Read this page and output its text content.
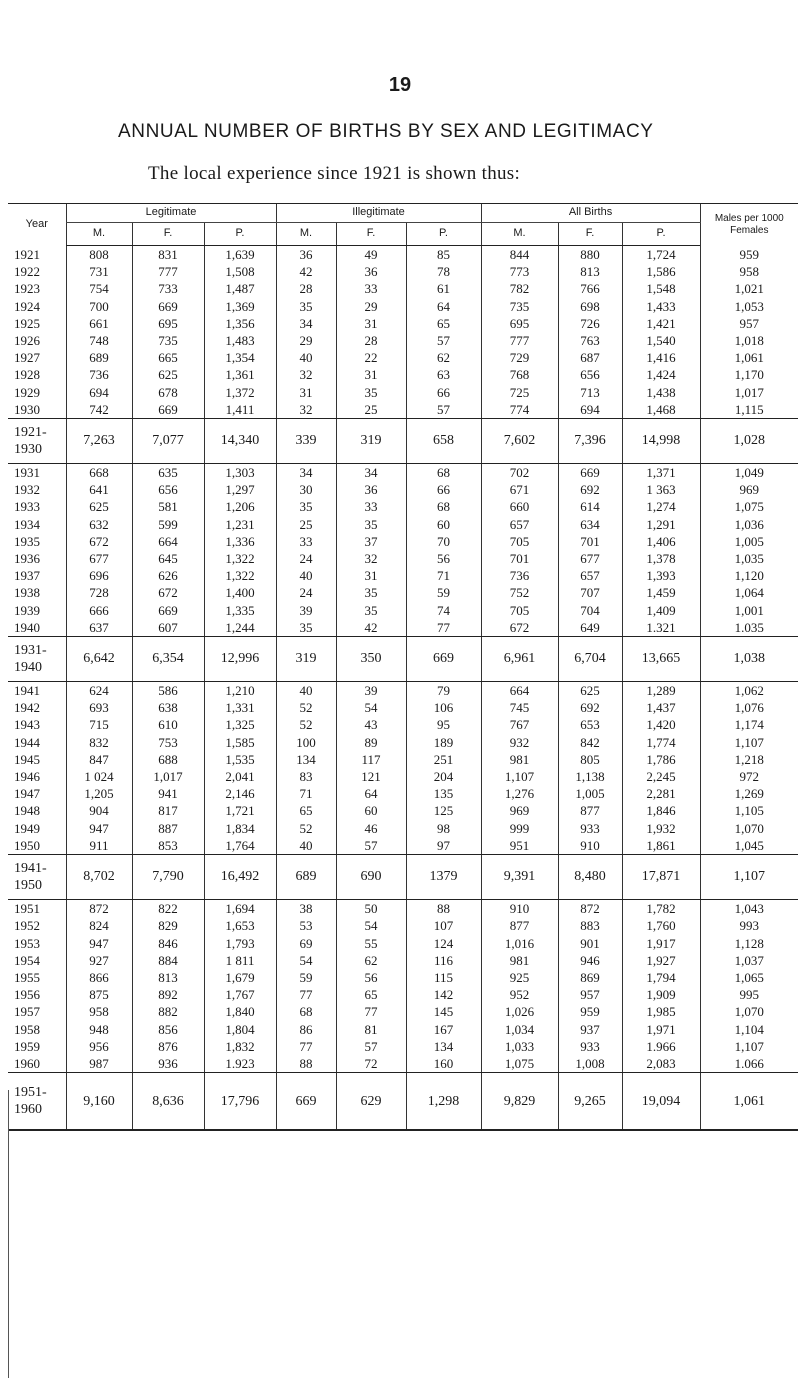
19
ANNUAL NUMBER OF BIRTHS BY SEX AND LEGITIMACY
The local experience since 1921 is shown thus:
Year	Legitimate			Illegitimate			All Births			Males per 1000 Females
	M.	F.	P.	M.	F.	P.	M.	F.	P.	
1921	808	831	1,639	36	49	85	844	880	1,724	959
1922	731	777	1,508	42	36	78	773	813	1,586	958
1923	754	733	1,487	28	33	61	782	766	1,548	1,021
1924	700	669	1,369	35	29	64	735	698	1,433	1,053
1925	661	695	1,356	34	31	65	695	726	1,421	957
1926	748	735	1,483	29	28	57	777	763	1,540	1,018
1927	689	665	1,354	40	22	62	729	687	1,416	1,061
1928	736	625	1,361	32	31	63	768	656	1,424	1,170
1929	694	678	1,372	31	35	66	725	713	1,438	1,017
1930	742	669	1,411	32	25	57	774	694	1,468	1,115
1921-1930	7,263	7,077	14,340	339	319	658	7,602	7,396	14,998	1,028
1931	668	635	1,303	34	34	68	702	669	1,371	1,049
1932	641	656	1,297	30	36	66	671	692	1 363	969
1933	625	581	1,206	35	33	68	660	614	1,274	1,075
1934	632	599	1,231	25	35	60	657	634	1,291	1,036
1935	672	664	1,336	33	37	70	705	701	1,406	1,005
1936	677	645	1,322	24	32	56	701	677	1,378	1,035
1937	696	626	1,322	40	31	71	736	657	1,393	1,120
1938	728	672	1,400	24	35	59	752	707	1,459	1,064
1939	666	669	1,335	39	35	74	705	704	1,409	1,001
1940	637	607	1,244	35	42	77	672	649	1.321	1.035
1931-1940	6,642	6,354	12,996	319	350	669	6,961	6,704	13,665	1,038
1941	624	586	1,210	40	39	79	664	625	1,289	1,062
1942	693	638	1,331	52	54	106	745	692	1,437	1,076
1943	715	610	1,325	52	43	95	767	653	1,420	1,174
1944	832	753	1,585	100	89	189	932	842	1,774	1,107
1945	847	688	1,535	134	117	251	981	805	1,786	1,218
1946	1 024	1,017	2,041	83	121	204	1,107	1,138	2,245	972
1947	1,205	941	2,146	71	64	135	1,276	1,005	2,281	1,269
1948	904	817	1,721	65	60	125	969	877	1,846	1,105
1949	947	887	1,834	52	46	98	999	933	1,932	1,070
1950	911	853	1,764	40	57	97	951	910	1,861	1,045
1941-1950	8,702	7,790	16,492	689	690	1379	9,391	8,480	17,871	1,107
1951	872	822	1,694	38	50	88	910	872	1,782	1,043
1952	824	829	1,653	53	54	107	877	883	1,760	993
1953	947	846	1,793	69	55	124	1,016	901	1,917	1,128
1954	927	884	1 811	54	62	116	981	946	1,927	1,037
1955	866	813	1,679	59	56	115	925	869	1,794	1,065
1956	875	892	1,767	77	65	142	952	957	1,909	995
1957	958	882	1,840	68	77	145	1,026	959	1,985	1,070
1958	948	856	1,804	86	81	167	1,034	937	1,971	1,104
1959	956	876	1,832	77	57	134	1,033	933	1.966	1,107
1960	987	936	1.923	88	72	160	1,075	1,008	2,083	1.066
1951-1960	9,160	8,636	17,796	669	629	1,298	9,829	9,265	19,094	1,061
